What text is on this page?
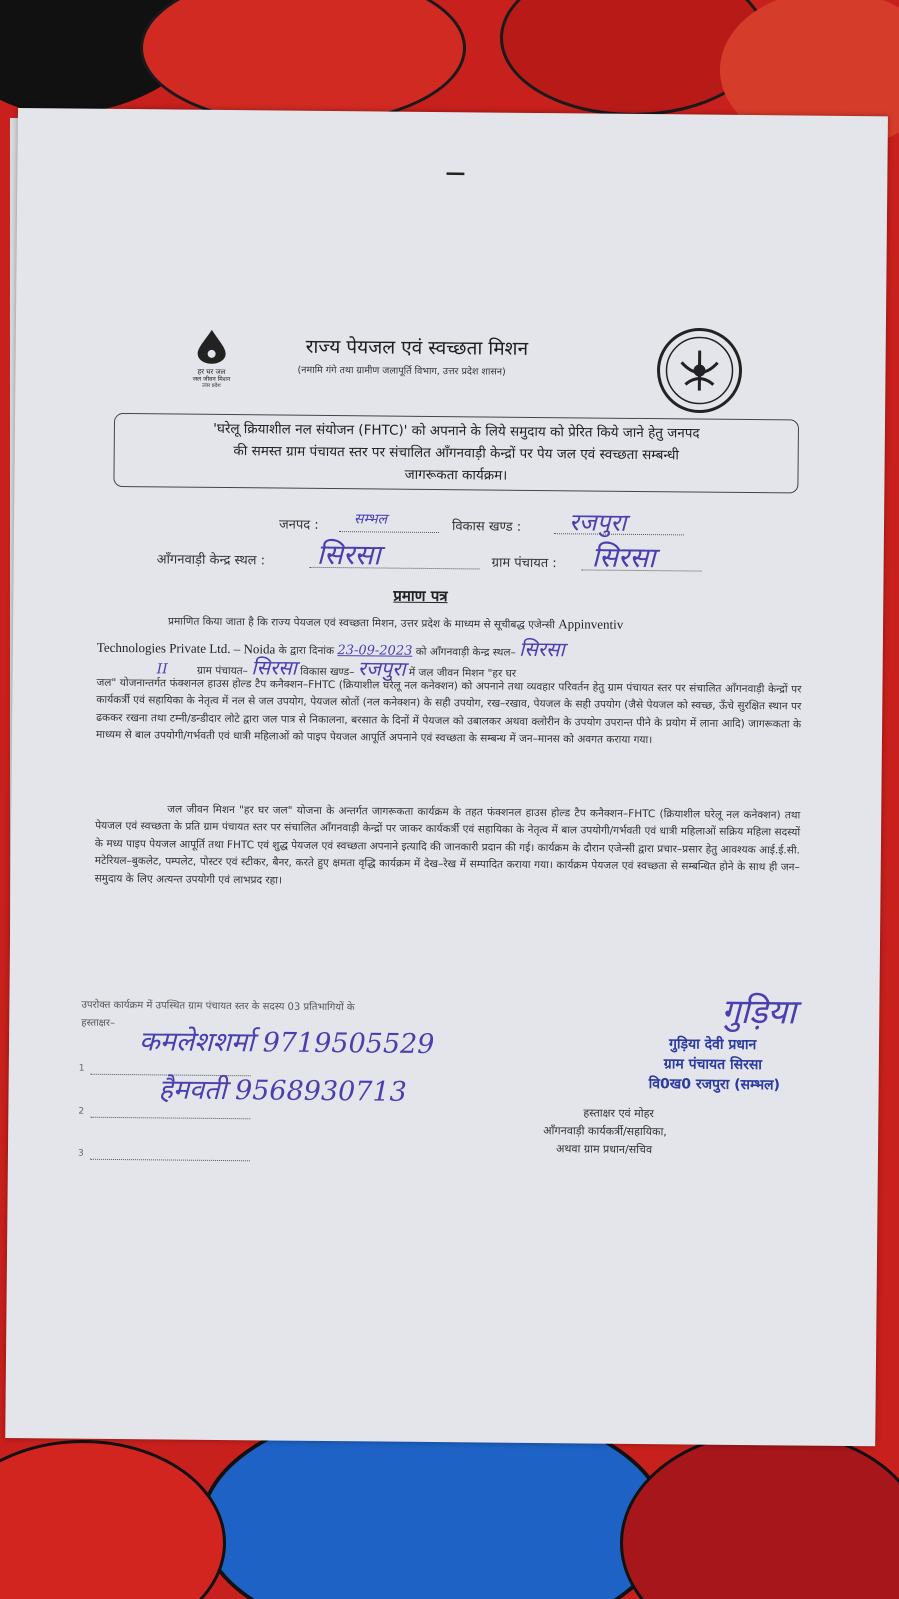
—
हर घर जल
जल जीवन मिशन
उत्तर प्रदेश
राज्य पेयजल एवं स्वच्छता मिशन
(नमामि गंगे तथा ग्रामीण जलापूर्ति विभाग, उत्तर प्रदेश शासन)
'घरेलू क्रियाशील नल संयोजन (FHTC)' को अपनाने के लिये समुदाय को प्रेरित किये जाने हेतु जनपद
की समस्त ग्राम पंचायत स्तर पर संचालित आँगनवाड़ी केन्द्रों पर पेय जल एवं स्वच्छता सम्बन्धी
जागरूकता कार्यक्रम।
जनपद :	सम्भल	विकास खण्ड : रजपुरा
आँगनवाड़ी केन्द्र स्थल : सिरसा	ग्राम पंचायत : सिरसा
प्रमाण पत्र
प्रमाणित किया जाता है कि राज्य पेयजल एवं स्वच्छता मिशन, उत्तर प्रदेश के माध्यम से सूचीबद्ध एजेन्सी Appinventiv
Technologies Private Ltd. – Noida के द्वारा दिनांक 23-09-2023 को आँगनवाड़ी केन्द्र स्थल– सिरसा
II	ग्राम पंचायत– सिरसा विकास खण्ड– रजपुरा में जल जीवन मिशन "हर घर
जल" योजनान्तर्गत फंक्शनल हाउस होल्ड टैप कनैक्शन–FHTC (क्रियाशील घरेलू नल कनेक्शन) को अपनाने तथा व्यवहार परिवर्तन हेतु ग्राम पंचायत स्तर पर संचालित आँगनवाड़ी केन्द्रों पर कार्यकर्त्री एवं सहायिका के नेतृत्व में नल से जल उपयोग, पेयजल स्रोतों (नल कनेक्शन) के सही उपयोग, रख–रखाव, पेयजल के सही उपयोग (जैसे पेयजल को स्वच्छ, ऊँचे सुरक्षित स्थान पर ढककर रखना तथा टम्नी/डन्डीदार लोटे द्वारा जल पात्र से निकालना, बरसात के दिनों में पेयजल को उबालकर अथवा क्लोरीन के उपयोग उपरान्त पीने के प्रयोग में लाना आदि) जागरूकता के माध्यम से बाल उपयोगी/गर्भवती एवं धात्री महिलाओं को पाइप पेयजल आपूर्ति अपनाने एवं स्वच्छता के सम्बन्ध में जन–मानस को अवगत कराया गया।
जल जीवन मिशन "हर घर जल" योजना के अन्तर्गत जागरूकता कार्यक्रम के तहत फंक्शनल हाउस होल्ड टैप कनैक्शन–FHTC (क्रियाशील घरेलू नल कनेक्शन) तथा पेयजल एवं स्वच्छता के प्रति ग्राम पंचायत स्तर पर संचालित आँगनवाड़ी केन्द्रों पर जाकर कार्यकर्त्री एवं सहायिका के नेतृत्व में बाल उपयोगी/गर्भवती एवं धात्री महिलाओं सक्रिय महिला सदस्यों के मध्य पाइप पेयजल आपूर्ति तथा FHTC एवं शुद्ध पेयजल एवं स्वच्छता अपनाने इत्यादि की जानकारी प्रदान की गई। कार्यक्रम के दौरान एजेन्सी द्वारा प्रचार–प्रसार हेतु आवश्यक आई.ई.सी. मटेरियल–बुकलेट, पम्पलेट, पोस्टर एवं स्टीकर, बैनर, करते हुए क्षमता वृद्धि कार्यक्रम में देख–रेख में सम्पादित कराया गया। कार्यक्रम पेयजल एवं स्वच्छता से सम्बन्धित होने के साथ ही जन–समुदाय के लिए अत्यन्त उपयोगी एवं लाभप्रद रहा।
उपरोक्त कार्यक्रम में उपस्थित ग्राम पंचायत स्तर के सदस्य 03 प्रतिभागियों के
हस्ताक्षर–
कमलेशशर्मा 9719505529
1
हैमवती 9568930713
2
3
गुड़िया
गुड़िया देवी प्रधान
ग्राम पंचायत सिरसा
वि0ख0 रजपुरा (सम्भल)
हस्ताक्षर एवं मोहर
आँगनवाड़ी कार्यकर्त्री/सहायिका,
अथवा ग्राम प्रधान/सचिव
